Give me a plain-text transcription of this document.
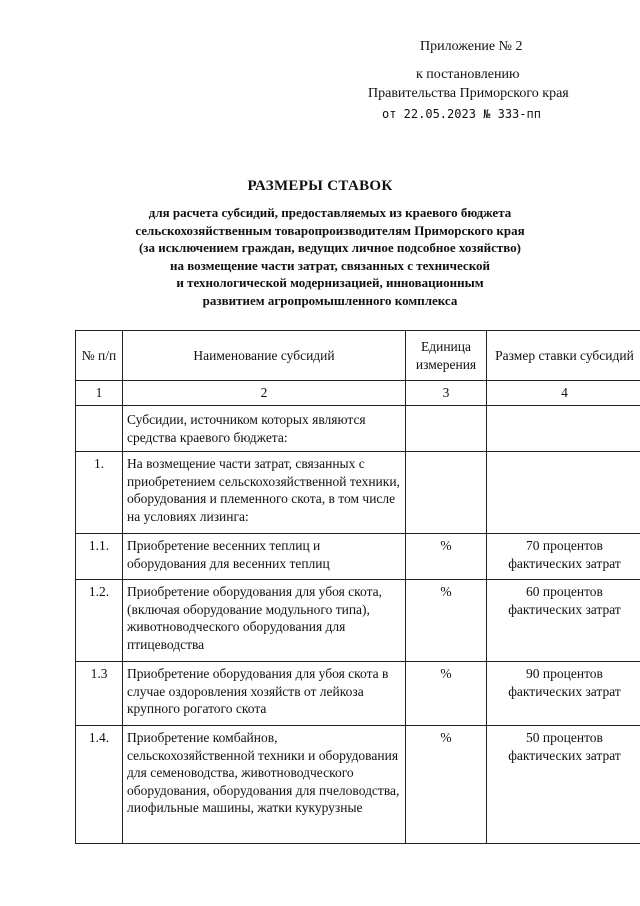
Приложение № 2
к постановлению
Правительства Приморского края
от 22.05.2023 № 333-пп
РАЗМЕРЫ СТАВОК
для расчета субсидий, предоставляемых из краевого бюджета
сельскохозяйственным товаропроизводителям Приморского края
(за исключением граждан, ведущих личное подсобное хозяйство)
на возмещение части затрат, связанных с технической
и технологической модернизацией, инновационным
развитием агропромышленного комплекса
№ п/п	Наименование субсидий	Единица измерения	Размер ставки субсидий
1	2	3	4
	Субсидии, источником которых являются средства краевого бюджета:		
1.	На возмещение части затрат, связанных с приобретением сельскохозяйственной техники, оборудования и племенного скота, в том числе на условиях лизинга:		
1.1.	Приобретение весенних теплиц и оборудования для весенних теплиц	%	70 процентов фактических затрат
1.2.	Приобретение оборудования для убоя скота, (включая оборудование модульного типа), животноводческого оборудования для птицеводства	%	60 процентов фактических затрат
1.3	Приобретение оборудования для убоя скота в случае оздоровления хозяйств от лейкоза крупного рогатого скота	%	90 процентов фактических затрат
1.4.	Приобретение комбайнов, сельскохозяйственной техники и оборудования для семеноводства, животноводческого оборудования, оборудования для пчеловодства, лиофильные машины, жатки кукурузные	%	50 процентов фактических затрат
